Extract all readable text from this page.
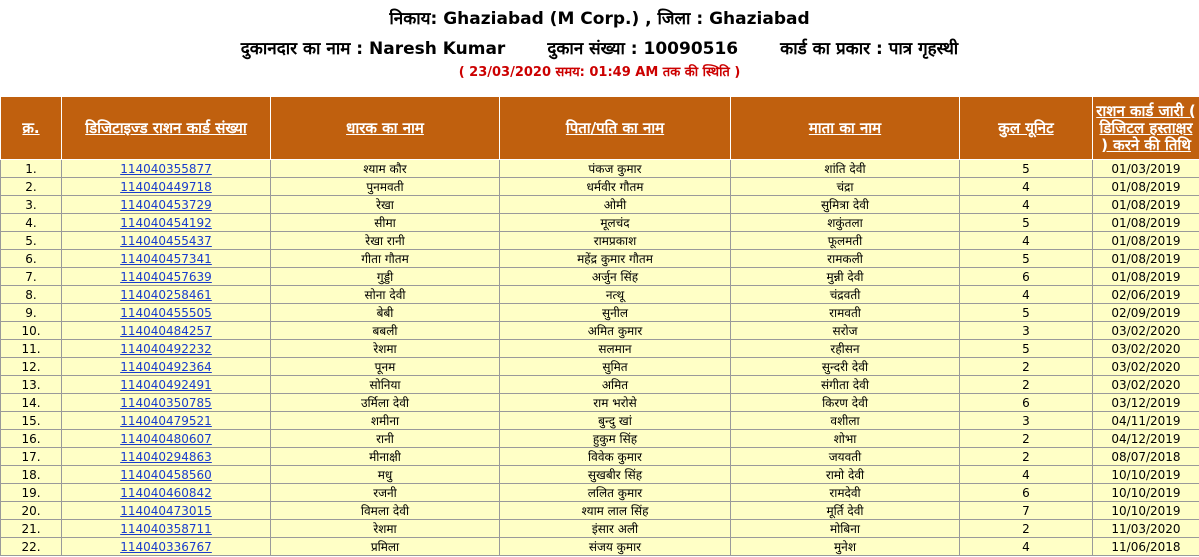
निकाय: Ghaziabad (M Corp.) , जिला : Ghaziabad
दुकानदार का नाम : Naresh Kumar दुकान संख्या : 10090516 कार्ड का प्रकार : पात्र गृहस्थी
( 23/03/2020 समय: 01:49 AM तक की स्थिति )
क्र.	डिजिटाइज्ड राशन कार्ड संख्या	धारक का नाम	पिता/पति का नाम	माता का नाम	कुल यूनिट	राशन कार्ड जारी ( डिजिटल हस्ताक्षर ) करने की तिथि
1.	114040355877	श्याम कौर	पंकज कुमार	शांति देवी	5	01/03/2019
2.	114040449718	पुनमवती	धर्मवीर गौतम	चंद्रा	4	01/08/2019
3.	114040453729	रेखा	ओमी	सुमित्रा देवी	4	01/08/2019
4.	114040454192	सीमा	मूलचंद	शकुंतला	5	01/08/2019
5.	114040455437	रेखा रानी	रामप्रकाश	फूलमती	4	01/08/2019
6.	114040457341	गीता गौतम	महेंद्र कुमार गौतम	रामकली	5	01/08/2019
7.	114040457639	गुड्डी	अर्जुन सिंह	मुन्नी देवी	6	01/08/2019
8.	114040258461	सोना देवी	नत्थू	चंद्रवती	4	02/06/2019
9.	114040455505	बेबी	सुनील	रामवती	5	02/09/2019
10.	114040484257	बबली	अमित कुमार	सरोज	3	03/02/2020
11.	114040492232	रेशमा	सलमान	रहीसन	5	03/02/2020
12.	114040492364	पूनम	सुमित	सुन्दरी देवी	2	03/02/2020
13.	114040492491	सोनिया	अमित	संगीता देवी	2	03/02/2020
14.	114040350785	उर्मिला देवी	राम भरोसे	किरण देवी	6	03/12/2019
15.	114040479521	शमीना	बुन्दु खां	वशीला	3	04/11/2019
16.	114040480607	रानी	हुकुम सिंह	शोभा	2	04/12/2019
17.	114040294863	मीनाक्षी	विवेक कुमार	जयवती	2	08/07/2018
18.	114040458560	मधु	सुखबीर सिंह	रामो देवी	4	10/10/2019
19.	114040460842	रजनी	ललित कुमार	रामदेवी	6	10/10/2019
20.	114040473015	विमला देवी	श्याम लाल सिंह	मूर्ति देवी	7	10/10/2019
21.	114040358711	रेशमा	इंसार अली	मोबिना	2	11/03/2020
22.	114040336767	प्रमिला	संजय कुमार	मुनेश	4	11/06/2018
